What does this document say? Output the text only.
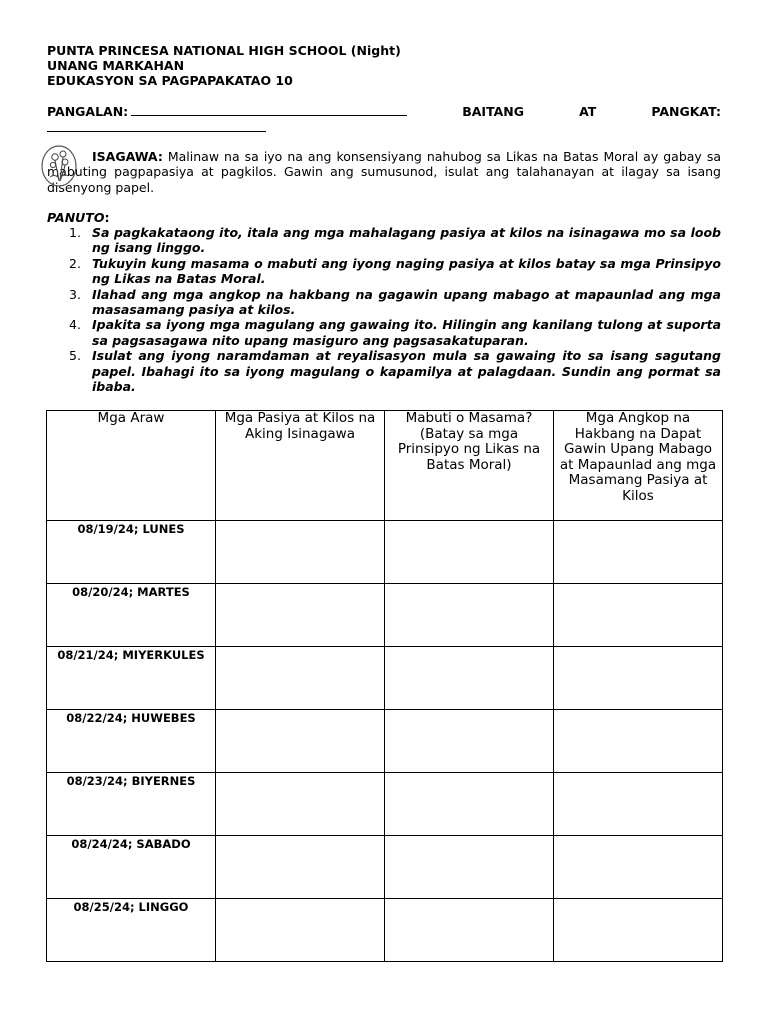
PUNTA PRINCESA NATIONAL HIGH SCHOOL (Night)
UNANG MARKAHAN
EDUKASYON SA PAGPAPAKATAO 10
PANGALAN:	BAITANG	AT	PANGKAT:
ISAGAWA: Malinaw na sa iyo na ang konsensiyang nahubog sa Likas na Batas Moral ay gabay sa mabuting pagpapasiya at pagkilos. Gawin ang sumusunod, isulat ang talahanayan at ilagay sa isang disenyong papel.
PANUTO:
1. Sa pagkakataong ito, itala ang mga mahalagang pasiya at kilos na isinagawa mo sa loob ng isang linggo.
2. Tukuyin kung masama o mabuti ang iyong naging pasiya at kilos batay sa mga Prinsipyo ng Likas na Batas Moral.
3. Ilahad ang mga angkop na hakbang na gagawin upang mabago at mapaunlad ang mga masasamang pasiya at kilos.
4. Ipakita sa iyong mga magulang ang gawaing ito. Hilingin ang kanilang tulong at suporta sa pagsasagawa nito upang masiguro ang pagsasakatuparan.
5. Isulat ang iyong naramdaman at reyalisasyon mula sa gawaing ito sa isang sagutang papel. Ibahagi ito sa iyong magulang o kapamilya at palagdaan. Sundin ang pormat sa ibaba.
Mga Araw	Mga Pasiya at Kilos na Aking Isinagawa	Mabuti o Masama? (Batay sa mga Prinsipyo ng Likas na Batas Moral)	Mga Angkop na Hakbang na Dapat Gawin Upang Mabago at Mapaunlad ang mga Masamang Pasiya at Kilos
08/19/24; LUNES			
08/20/24; MARTES			
08/21/24; MIYERKULES			
08/22/24; HUWEBES			
08/23/24; BIYERNES			
08/24/24; SABADO			
08/25/24; LINGGO			
